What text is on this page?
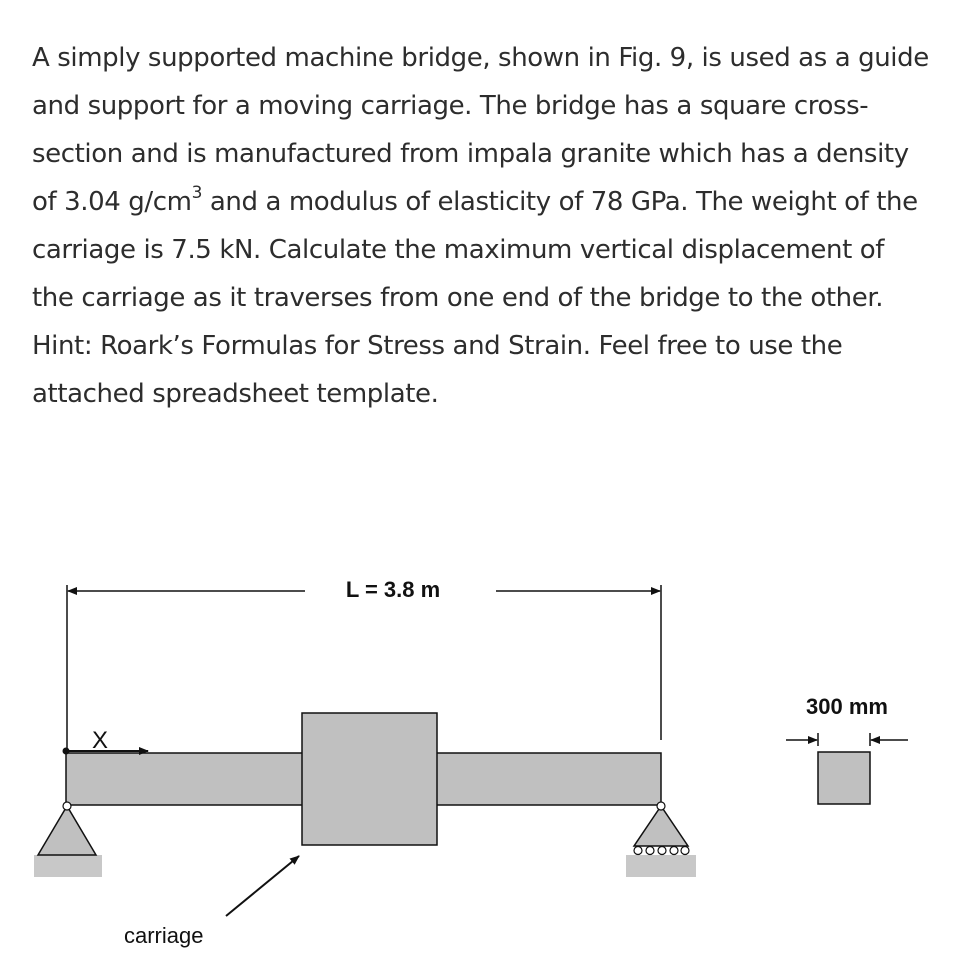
A simply supported machine bridge, shown in Fig. 9, is used as a guide and support for a moving carriage. The bridge has a square cross-section and is manufactured from impala granite which has a density of 3.04 $g/cm^3$ and a modulus of elasticity of 78 GPa. The weight of the carriage is 7.5 kN. Calculate the maximum vertical displacement of the carriage as it traverses from one end of the bridge to the other. Hint: Roark’s Formulas for Stress and Strain. Feel free to use the attached spreadsheet template.

L = 3.8 m
X
carriage
300 mm
